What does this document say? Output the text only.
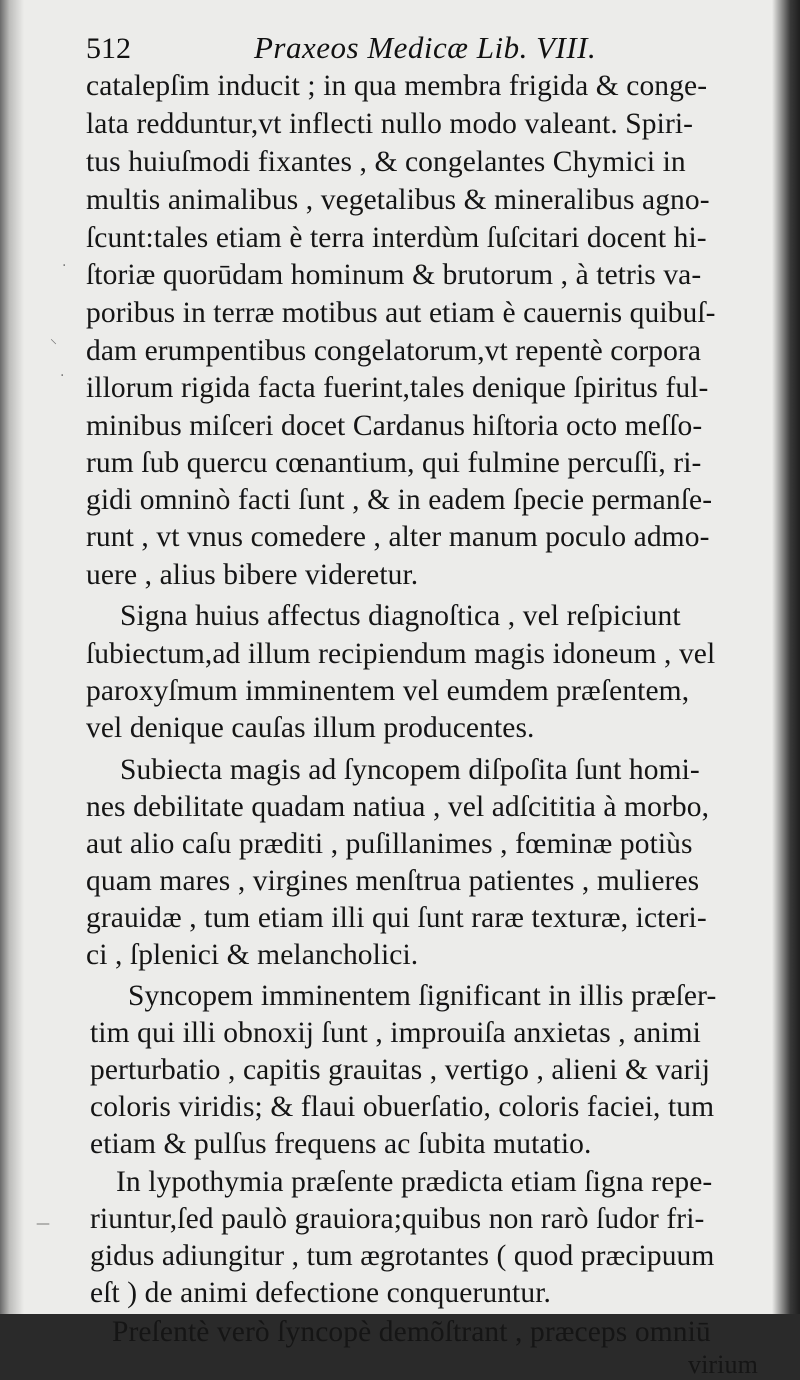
512	Praxeos Medicæ Lib. VIII.
catalepſim inducit ; in qua membra frigida & conge-
lata redduntur,vt inflecti nullo modo valeant. Spiri-
tus huiuſmodi fixantes , & congelantes Chymici in
multis animalibus , vegetalibus & mineralibus agno-
ſcunt:tales etiam è terra interdùm ſuſcitari docent hi-
ſtoriæ quorūdam hominum & brutorum , à tetris va-
poribus in terræ motibus aut etiam è cauernis quibuſ-
dam erumpentibus congelatorum,vt repentè corpora
illorum rigida facta fuerint,tales denique ſpiritus ful-
minibus miſceri docet Cardanus hiſtoria octo meſſo-
rum ſub quercu cœnantium, qui fulmine percuſſi, ri-
gidi omninò facti ſunt , & in eadem ſpecie permanſe-
runt , vt vnus comedere , alter manum poculo admo-
uere , alius bibere videretur.
Signa huius affectus diagnoſtica , vel reſpiciunt
ſubiectum,ad illum recipiendum magis idoneum , vel
paroxyſmum imminentem vel eumdem præſentem,
vel denique cauſas illum producentes.
Subiecta magis ad ſyncopem diſpoſita ſunt homi-
nes debilitate quadam natiua , vel adſcititia à morbo,
aut alio caſu præditi , puſillanimes , fœminæ potiùs
quam mares , virgines menſtrua patientes , mulieres
grauidæ , tum etiam illi qui ſunt raræ texturæ, icteri-
ci , ſplenici & melancholici.
Syncopem imminentem ſignificant in illis præſer-
tim qui illi obnoxij ſunt , improuiſa anxietas , animi
perturbatio , capitis grauitas , vertigo , alieni & varij
coloris viridis; & flaui obuerſatio, coloris faciei, tum
etiam & pulſus frequens ac ſubita mutatio.
In lypothymia præſente prædicta etiam ſigna repe-
riuntur,ſed paulò grauiora;quibus non rarò ſudor fri-
gidus adiungitur , tum ægrotantes ( quod præcipuum
eſt ) de animi defectione conqueruntur.
Preſentè verò ſyncopè demõſtrant , præceps omniū
virium
·
·
⸌
—
